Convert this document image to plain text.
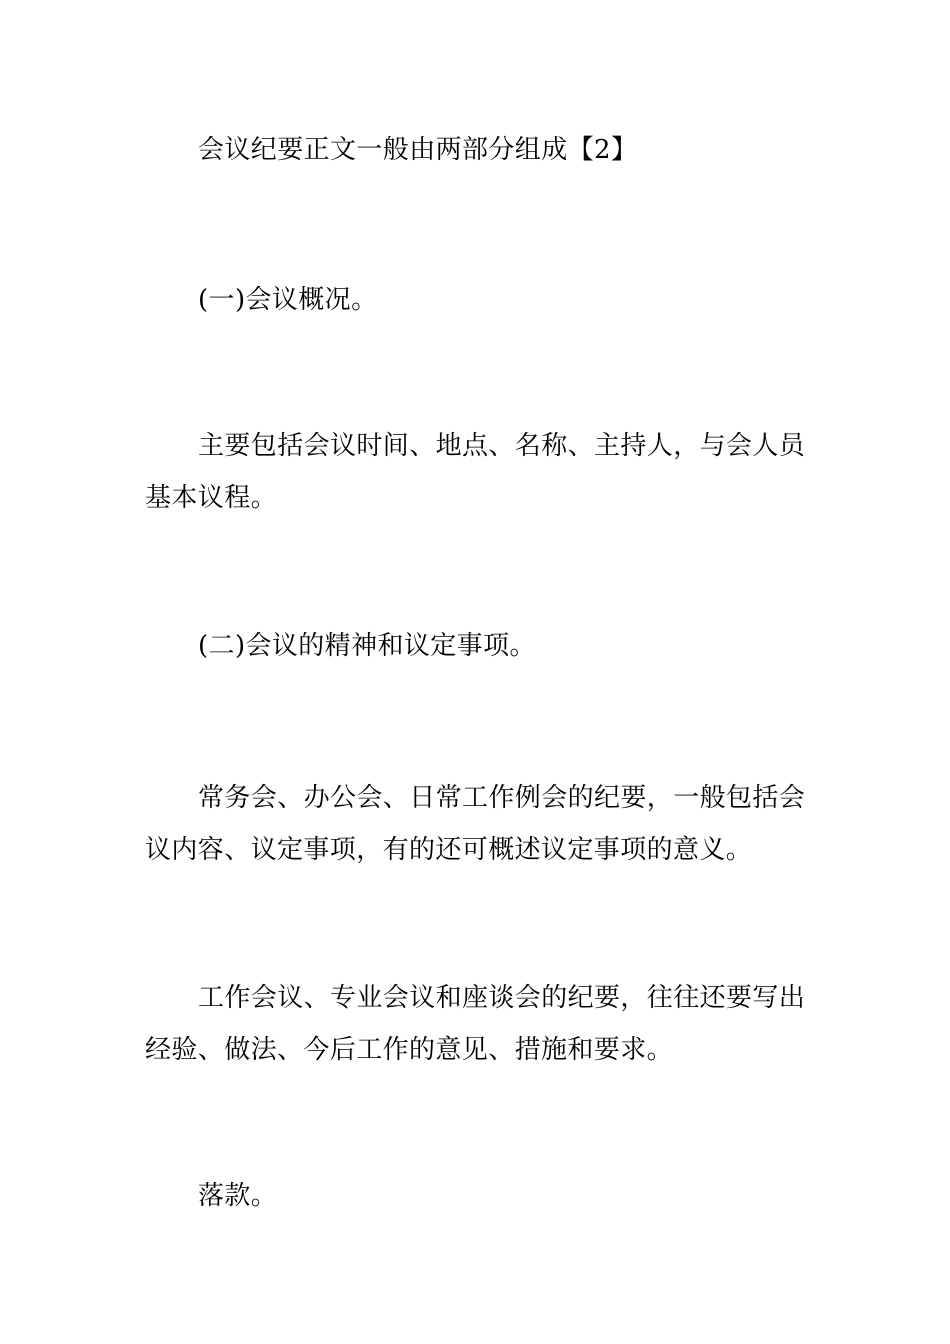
会议纪要正文一般由两部分组成【2】

(一)会议概况。

主要包括会议时间、地点、名称、主持人，与会人员基本议程。

(二)会议的精神和议定事项。

常务会、办公会、日常工作例会的纪要，一般包括会议内容、议定事项，有的还可概述议定事项的意义。

工作会议、专业会议和座谈会的纪要，往往还要写出经验、做法、今后工作的意见、措施和要求。

落款。
